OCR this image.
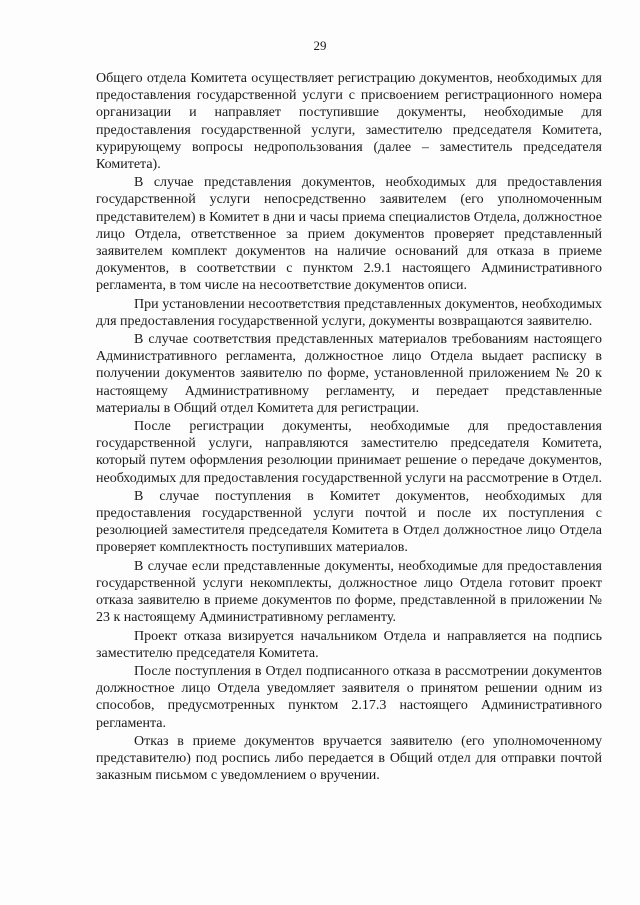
29

Общего отдела Комитета осуществляет регистрацию документов, необходимых для предоставления государственной услуги с присвоением регистрационного номера организации и направляет поступившие документы, необходимые для предоставления государственной услуги, заместителю председателя Комитета, курирующему вопросы недропользования (далее – заместитель председателя Комитета).

В случае представления документов, необходимых для предоставления государственной услуги непосредственно заявителем (его уполномоченным представителем) в Комитет в дни и часы приема специалистов Отдела, должностное лицо Отдела, ответственное за прием документов проверяет представленный заявителем комплект документов на наличие оснований для отказа в приеме документов, в соответствии с пунктом 2.9.1 настоящего Административного регламента, в том числе на несоответствие документов описи.

При установлении несоответствия представленных документов, необходимых для предоставления государственной услуги, документы возвращаются заявителю.

В случае соответствия представленных материалов требованиям настоящего Административного регламента, должностное лицо Отдела выдает расписку в получении документов заявителю по форме, установленной приложением № 20 к настоящему Административному регламенту, и передает представленные материалы в Общий отдел Комитета для регистрации.

После регистрации документы, необходимые для предоставления государственной услуги, направляются заместителю председателя Комитета, который путем оформления резолюции принимает решение о передаче документов, необходимых для предоставления государственной услуги на рассмотрение в Отдел.

В случае поступления в Комитет документов, необходимых для предоставления государственной услуги почтой и после их поступления с резолюцией заместителя председателя Комитета в Отдел должностное лицо Отдела проверяет комплектность поступивших материалов.

В случае если представленные документы, необходимые для предоставления государственной услуги некомплекты, должностное лицо Отдела готовит проект отказа заявителю в приеме документов по форме, представленной в приложении № 23 к настоящему Административному регламенту.

Проект отказа визируется начальником Отдела и направляется на подпись заместителю председателя Комитета.

После поступления в Отдел подписанного отказа в рассмотрении документов должностное лицо Отдела уведомляет заявителя о принятом решении одним из способов, предусмотренных пунктом 2.17.3 настоящего Административного регламента.

Отказ в приеме документов вручается заявителю (его уполномоченному представителю) под роспись либо передается в Общий отдел для отправки почтой заказным письмом с уведомлением о вручении.
